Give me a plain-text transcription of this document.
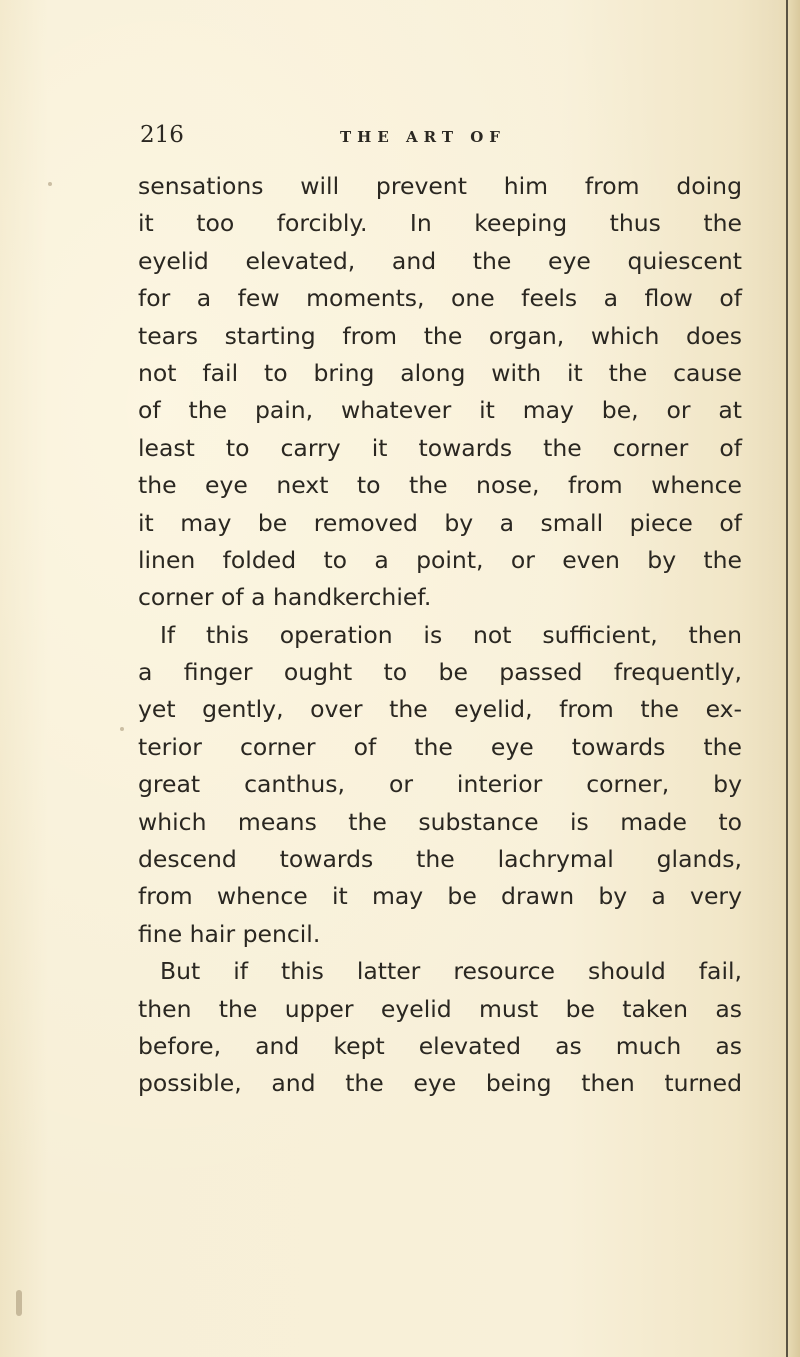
216	THE ART OF
sensations will prevent him from doing
it too forcibly. In keeping thus the
eyelid elevated, and the eye quiescent
for a few moments, one feels a flow of
tears starting from the organ, which does
not fail to bring along with it the cause
of the pain, whatever it may be, or at
least to carry it towards the corner of
the eye next to the nose, from whence
it may be removed by a small piece of
linen folded to a point, or even by the
corner of a handkerchief.
If this operation is not sufficient, then
a finger ought to be passed frequently,
yet gently, over the eyelid, from the ex-
terior corner of the eye towards the
great canthus, or interior corner, by
which means the substance is made to
descend towards the lachrymal glands,
from whence it may be drawn by a very
fine hair pencil.
But if this latter resource should fail,
then the upper eyelid must be taken as
before, and kept elevated as much as
possible, and the eye being then turned
